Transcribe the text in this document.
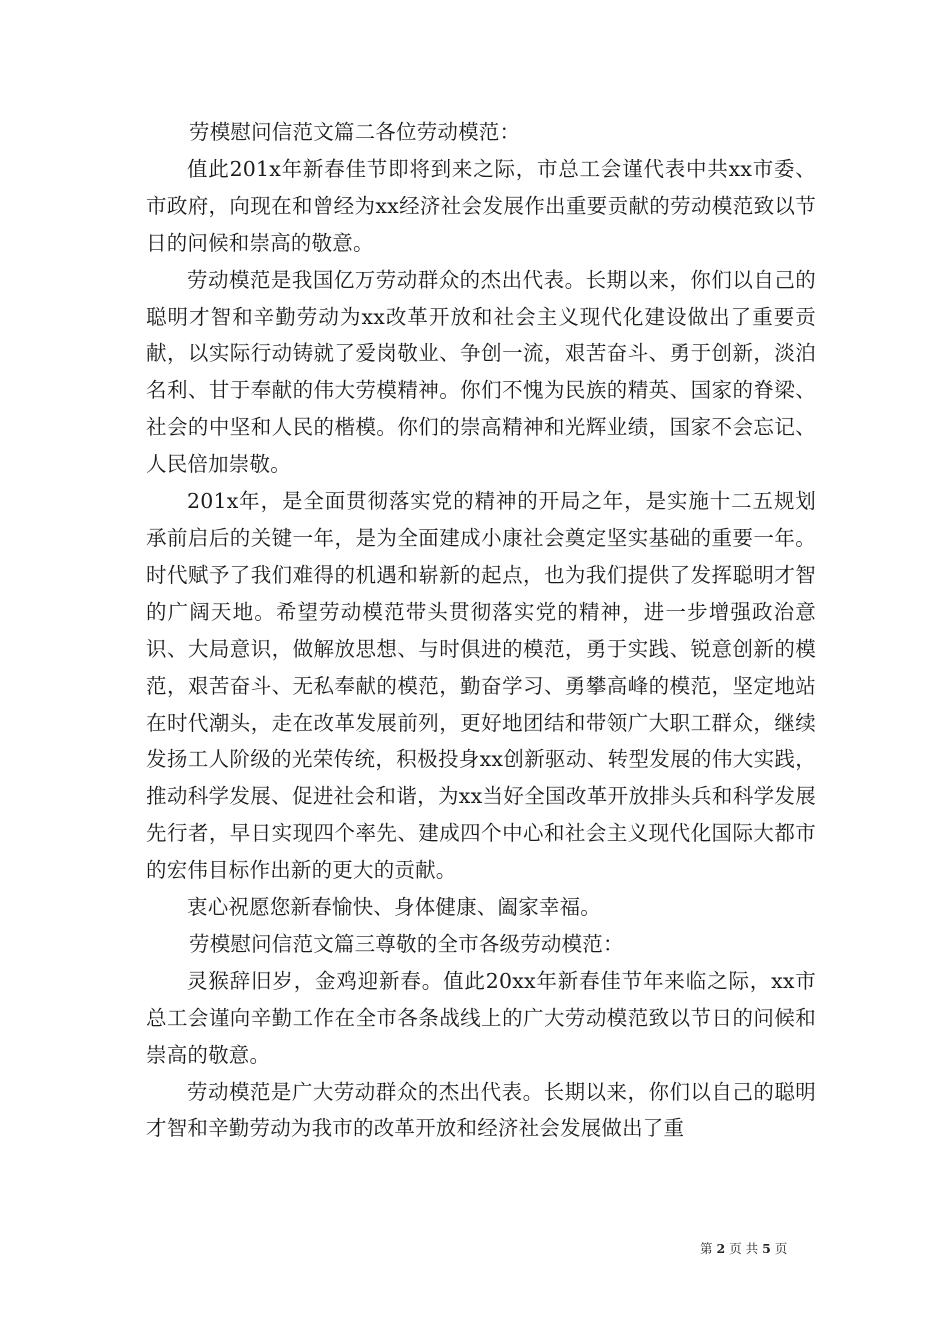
劳模慰问信范文篇二各位劳动模范：

值此201x年新春佳节即将到来之际，市总工会谨代表中共xx市委、市政府，向现在和曾经为xx经济社会发展作出重要贡献的劳动模范致以节日的问候和崇高的敬意。

劳动模范是我国亿万劳动群众的杰出代表。长期以来，你们以自己的聪明才智和辛勤劳动为xx改革开放和社会主义现代化建设做出了重要贡献，以实际行动铸就了爱岗敬业、争创一流，艰苦奋斗、勇于创新，淡泊名利、甘于奉献的伟大劳模精神。你们不愧为民族的精英、国家的脊梁、社会的中坚和人民的楷模。你们的崇高精神和光辉业绩，国家不会忘记、人民倍加崇敬。

201x年，是全面贯彻落实党的精神的开局之年，是实施十二五规划承前启后的关键一年，是为全面建成小康社会奠定坚实基础的重要一年。时代赋予了我们难得的机遇和崭新的起点，也为我们提供了发挥聪明才智的广阔天地。希望劳动模范带头贯彻落实党的精神，进一步增强政治意识、大局意识，做解放思想、与时俱进的模范，勇于实践、锐意创新的模范，艰苦奋斗、无私奉献的模范，勤奋学习、勇攀高峰的模范，坚定地站在时代潮头，走在改革发展前列，更好地团结和带领广大职工群众，继续发扬工人阶级的光荣传统，积极投身xx创新驱动、转型发展的伟大实践，推动科学发展、促进社会和谐，为xx当好全国改革开放排头兵和科学发展先行者，早日实现四个率先、建成四个中心和社会主义现代化国际大都市的宏伟目标作出新的更大的贡献。

衷心祝愿您新春愉快、身体健康、阖家幸福。

劳模慰问信范文篇三尊敬的全市各级劳动模范：

灵猴辞旧岁，金鸡迎新春。值此20xx年新春佳节年来临之际，xx市总工会谨向辛勤工作在全市各条战线上的广大劳动模范致以节日的问候和崇高的敬意。

劳动模范是广大劳动群众的杰出代表。长期以来，你们以自己的聪明才智和辛勤劳动为我市的改革开放和经济社会发展做出了重

第 2 页 共 5 页
